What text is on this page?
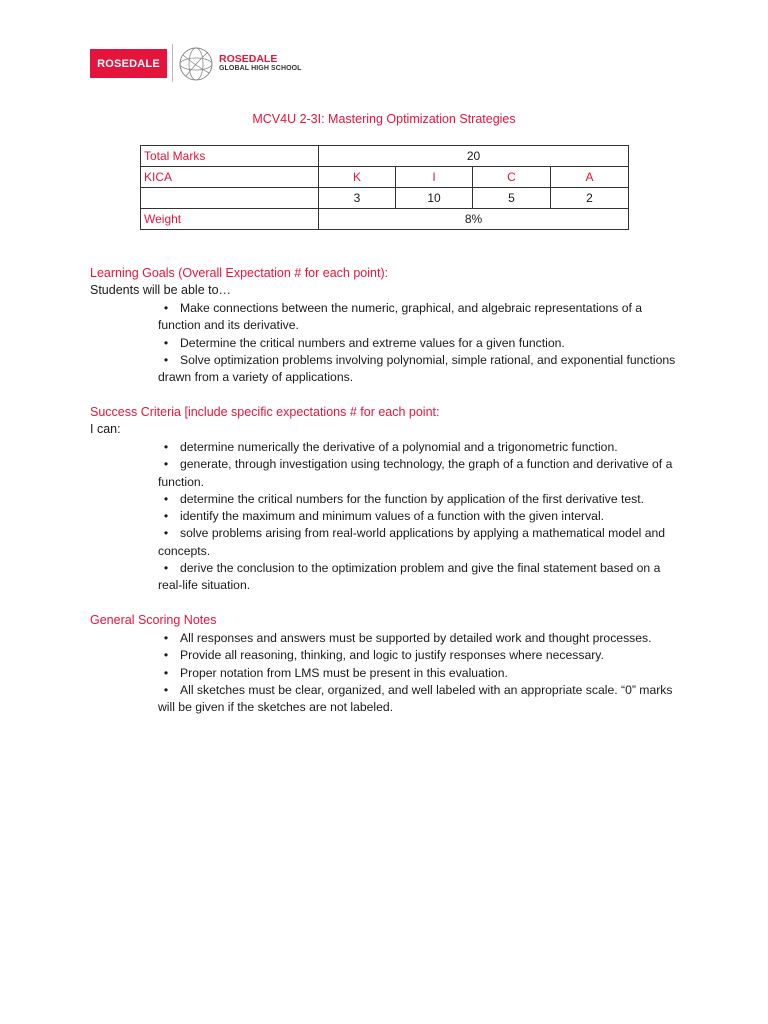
ROSEDALE	ROSEDALE
GLOBAL HIGH SCHOOL
MCV4U 2-3I: Mastering Optimization Strategies
Total Marks	20			
KICA	K	I	C	A
	3	10	5	2
Weight	8%			
Learning Goals (Overall Expectation # for each point):
Students will be able to…
• Make connections between the numeric, graphical, and algebraic representations of a function and its derivative.
• Determine the critical numbers and extreme values for a given function.
• Solve optimization problems involving polynomial, simple rational, and exponential functions drawn from a variety of applications.
Success Criteria [include specific expectations # for each point:
I can:
• determine numerically the derivative of a polynomial and a trigonometric function.
• generate, through investigation using technology, the graph of a function and derivative of a function.
• determine the critical numbers for the function by application of the first derivative test.
• identify the maximum and minimum values of a function with the given interval.
• solve problems arising from real-world applications by applying a mathematical model and concepts.
• derive the conclusion to the optimization problem and give the final statement based on a real-life situation.
General Scoring Notes
• All responses and answers must be supported by detailed work and thought processes.
• Provide all reasoning, thinking, and logic to justify responses where necessary.
• Proper notation from LMS must be present in this evaluation.
• All sketches must be clear, organized, and well labeled with an appropriate scale. “0” marks will be given if the sketches are not labeled.
